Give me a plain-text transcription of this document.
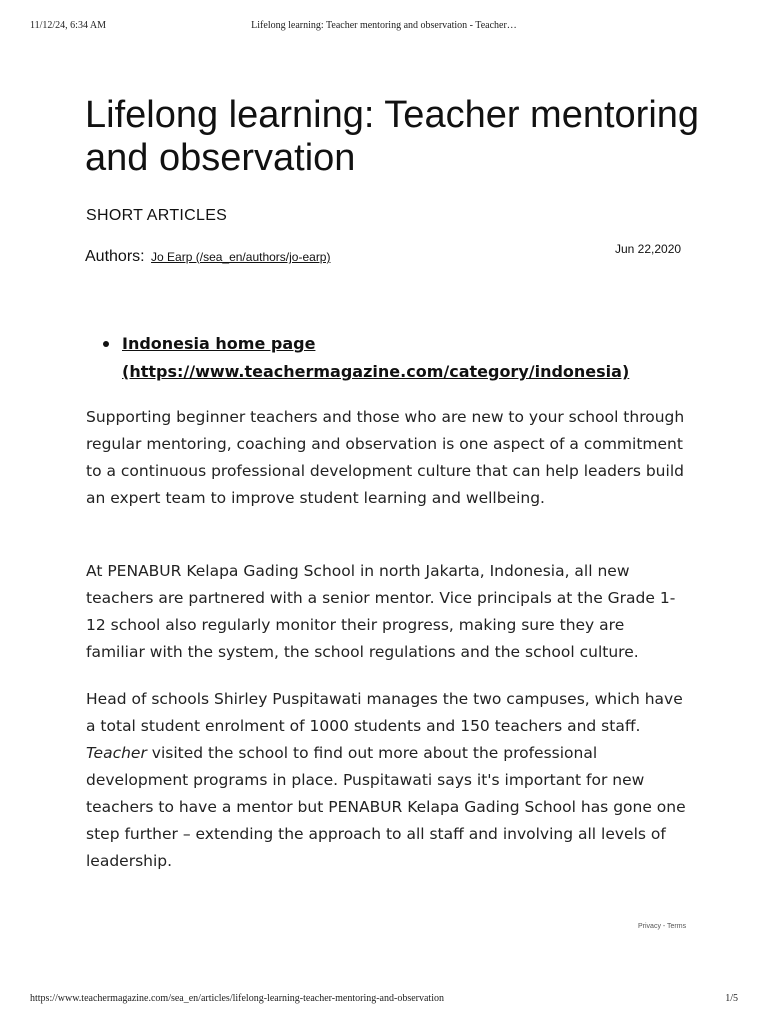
11/12/24, 6:34 AM	Lifelong learning: Teacher mentoring and observation - Teacher…
Lifelong learning: Teacher mentoring and observation
SHORT ARTICLES
Authors: Jo Earp (/sea_en/authors/jo-earp)
Jun 22,2020
Indonesia home page
(https://www.teachermagazine.com/category/indonesia)

Supporting beginner teachers and those who are new to your school through regular mentoring, coaching and observation is one aspect of a commitment to a continuous professional development culture that can help leaders build an expert team to improve student learning and wellbeing.

At PENABUR Kelapa Gading School in north Jakarta, Indonesia, all new teachers are partnered with a senior mentor. Vice principals at the Grade 1-12 school also regularly monitor their progress, making sure they are familiar with the system, the school regulations and the school culture.

Head of schools Shirley Puspitawati manages the two campuses, which have a total student enrolment of 1000 students and 150 teachers and staff. Teacher visited the school to find out more about the professional development programs in place. Puspitawati says it's important for new teachers to have a mentor but PENABUR Kelapa Gading School has gone one step further – extending the approach to all staff and involving all levels of leadership.

Privacy - Terms
https://www.teachermagazine.com/sea_en/articles/lifelong-learning-teacher-mentoring-and-observation	1/5
